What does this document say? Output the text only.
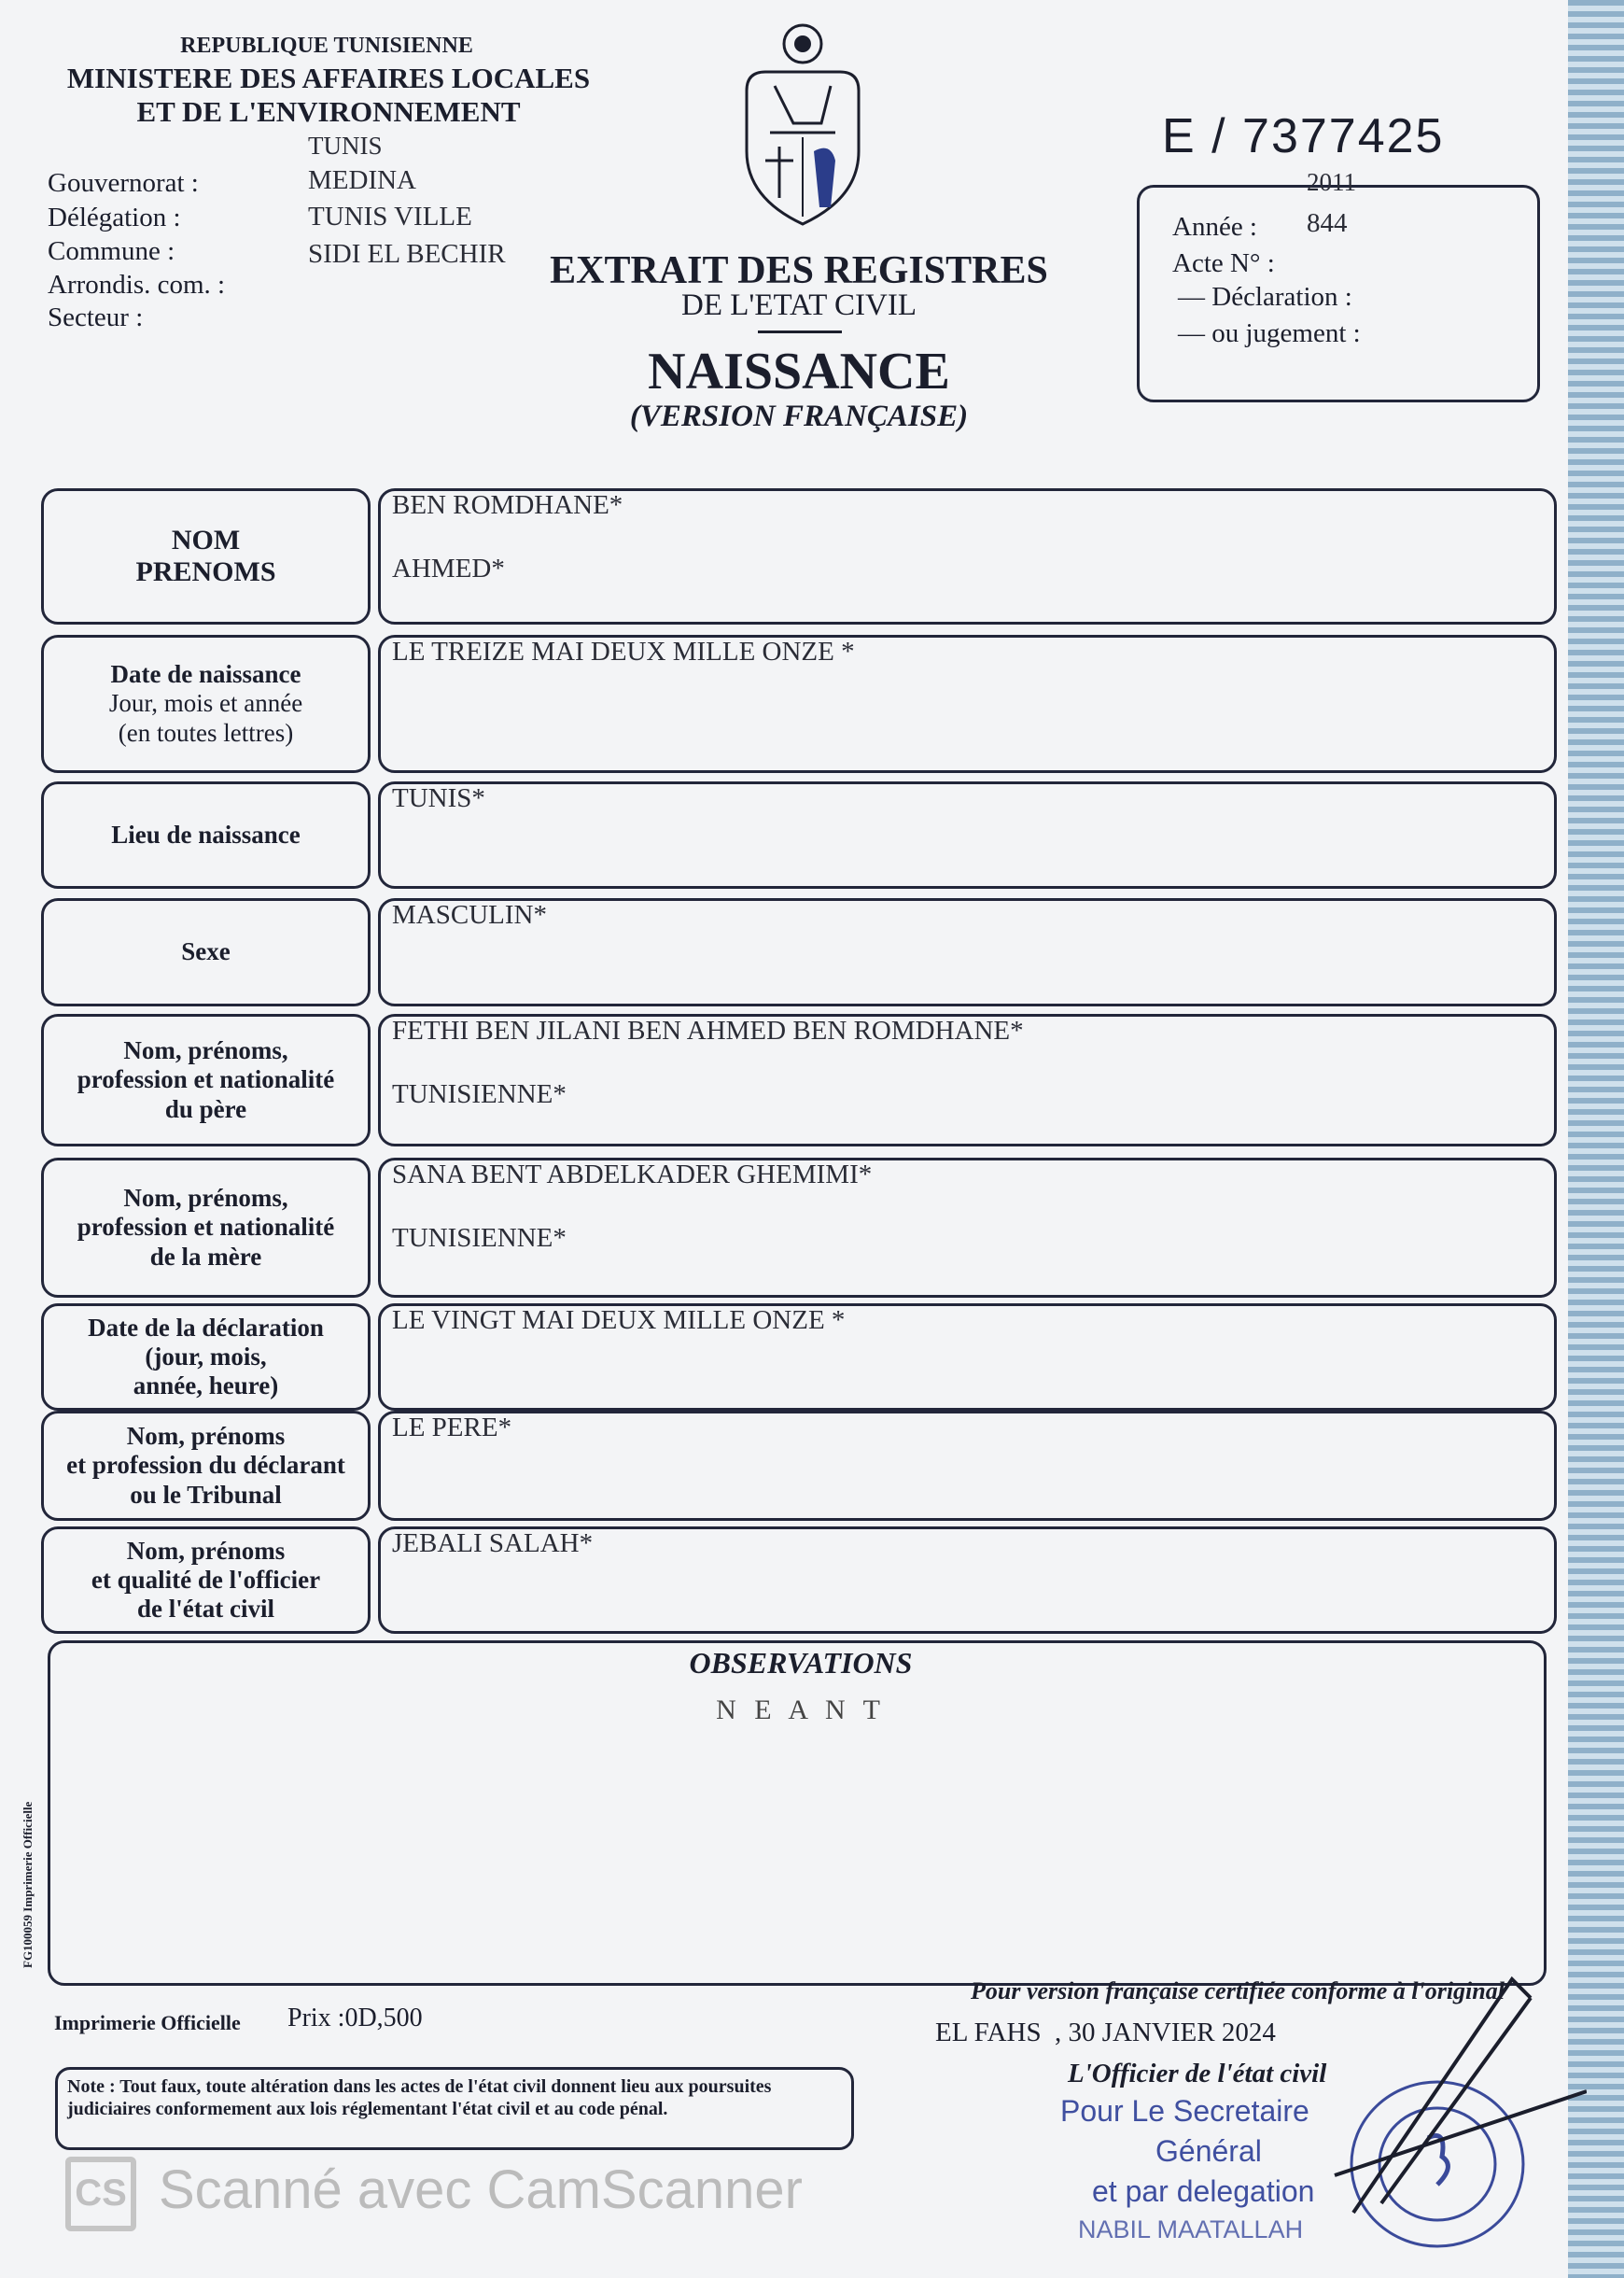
REPUBLIQUE TUNISIENNE
MINISTERE DES AFFAIRES LOCALES
ET DE L'ENVIRONNEMENT
TUNIS
Gouvernorat :
Délégation :
Commune :
Arrondis. com. :
Secteur :
MEDINA
TUNIS VILLE
SIDI EL BECHIR
E / 7377425
2011
Année : 844
Acte N° :
— Déclaration :
— ou jugement :
EXTRAIT DES REGISTRES
DE L'ETAT CIVIL
NAISSANCE
(VERSION FRANÇAISE)
NOM
PRENOMS
BEN ROMDHANE*
AHMED*
Date de naissance
Jour, mois et année
(en toutes lettres)
LE TREIZE MAI DEUX MILLE ONZE *
Lieu de naissance
TUNIS*
Sexe
MASCULIN*
Nom, prénoms,
profession et nationalité
du père
FETHI BEN JILANI BEN AHMED BEN ROMDHANE*
TUNISIENNE*
Nom, prénoms,
profession et nationalité
de la mère
SANA BENT ABDELKADER GHEMIMI*
TUNISIENNE*
Date de la déclaration
(jour, mois,
année, heure)
LE VINGT MAI DEUX MILLE ONZE *
Nom, prénoms
et profession du déclarant
ou le Tribunal
LE PERE*
Nom, prénoms
et qualité de l'officier
de l'état civil
JEBALI SALAH*
OBSERVATIONS
N E A N T
FG100059 Imprimerie Officielle
Imprimerie Officielle Prix :0D,500
Pour version française certifiée conforme à l'original
EL FAHS , 30 JANVIER 2024
Note : Tout faux, toute altération dans les actes de l'état civil donnent lieu aux poursuites judiciaires conformement aux lois réglementant l'état civil et au code pénal.
L'Officier de l'état civil
Pour Le Secretaire
Général
et par delegation
NABIL MAATALLAH
CS Scanné avec CamScanner
